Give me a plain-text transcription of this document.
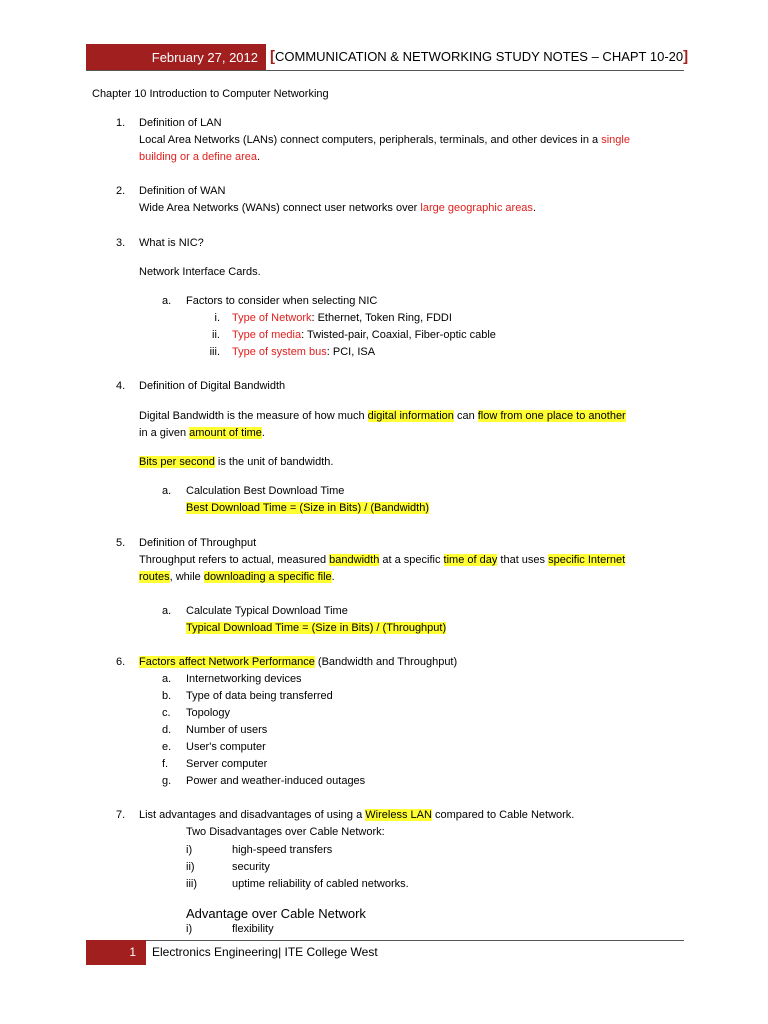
February 27, 2012 [COMMUNICATION & NETWORKING STUDY NOTES – CHAPT 10-20]
Chapter 10 Introduction to Computer Networking
1. Definition of LAN
Local Area Networks (LANs) connect computers, peripherals, terminals, and other devices in a single
building or a define area.
2. Definition of WAN
Wide Area Networks (WANs) connect user networks over large geographic areas.
3. What is NIC?
Network Interface Cards.
a. Factors to consider when selecting NIC
i. Type of Network: Ethernet, Token Ring, FDDI
ii. Type of media: Twisted-pair, Coaxial, Fiber-optic cable
iii. Type of system bus: PCI, ISA
4. Definition of Digital Bandwidth
Digital Bandwidth is the measure of how much digital information can flow from one place to another
in a given amount of time.
Bits per second is the unit of bandwidth.
a. Calculation Best Download Time
Best Download Time = (Size in Bits) / (Bandwidth)
5. Definition of Throughput
Throughput refers to actual, measured bandwidth at a specific time of day that uses specific Internet
routes, while downloading a specific file.
a. Calculate Typical Download Time
Typical Download Time = (Size in Bits) / (Throughput)
6. Factors affect Network Performance (Bandwidth and Throughput)
a. Internetworking devices
b. Type of data being transferred
c. Topology
d. Number of users
e. User's computer
f. Server computer
g. Power and weather-induced outages
7. List advantages and disadvantages of using a Wireless LAN compared to Cable Network.
Two Disadvantages over Cable Network:
i)	high-speed transfers
ii)	security
iii)	uptime reliability of cabled networks.
Advantage over Cable Network
i)	flexibility
1	Electronics Engineering| ITE College West
